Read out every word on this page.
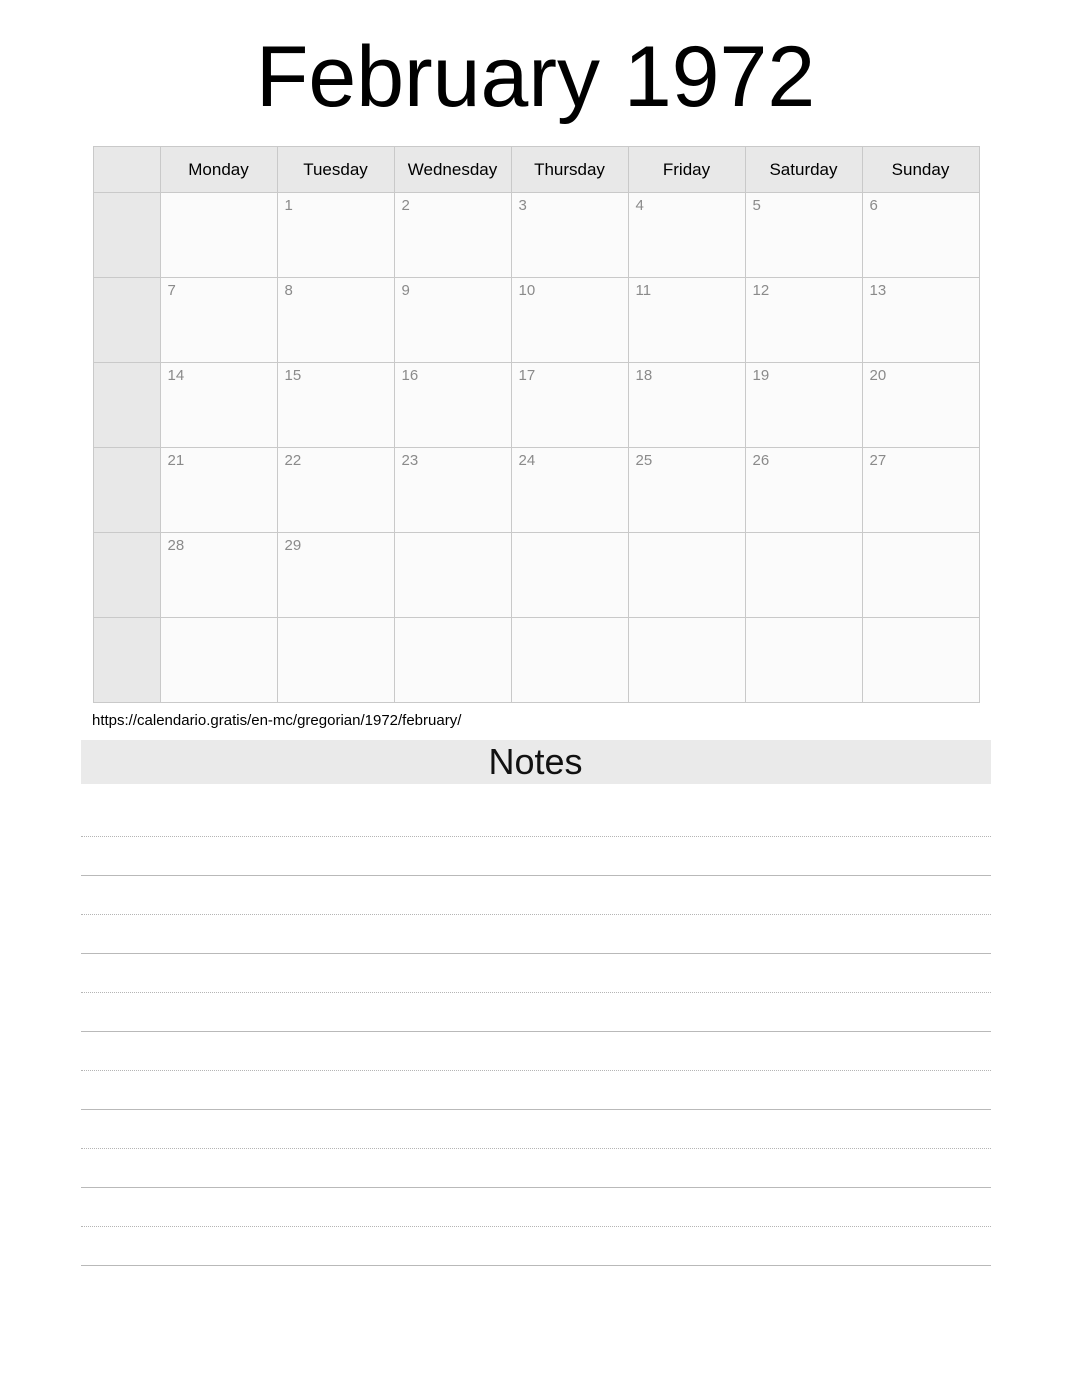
February 1972
	Monday	Tuesday	Wednesday	Thursday	Friday	Saturday	Sunday

		1	2	3	4	5	6

	7	8	9	10	11	12	13

	14	15	16	17	18	19	20

	21	22	23	24	25	26	27

	28	29					

https://calendario.gratis/en-mc/gregorian/1972/february/
Notes
